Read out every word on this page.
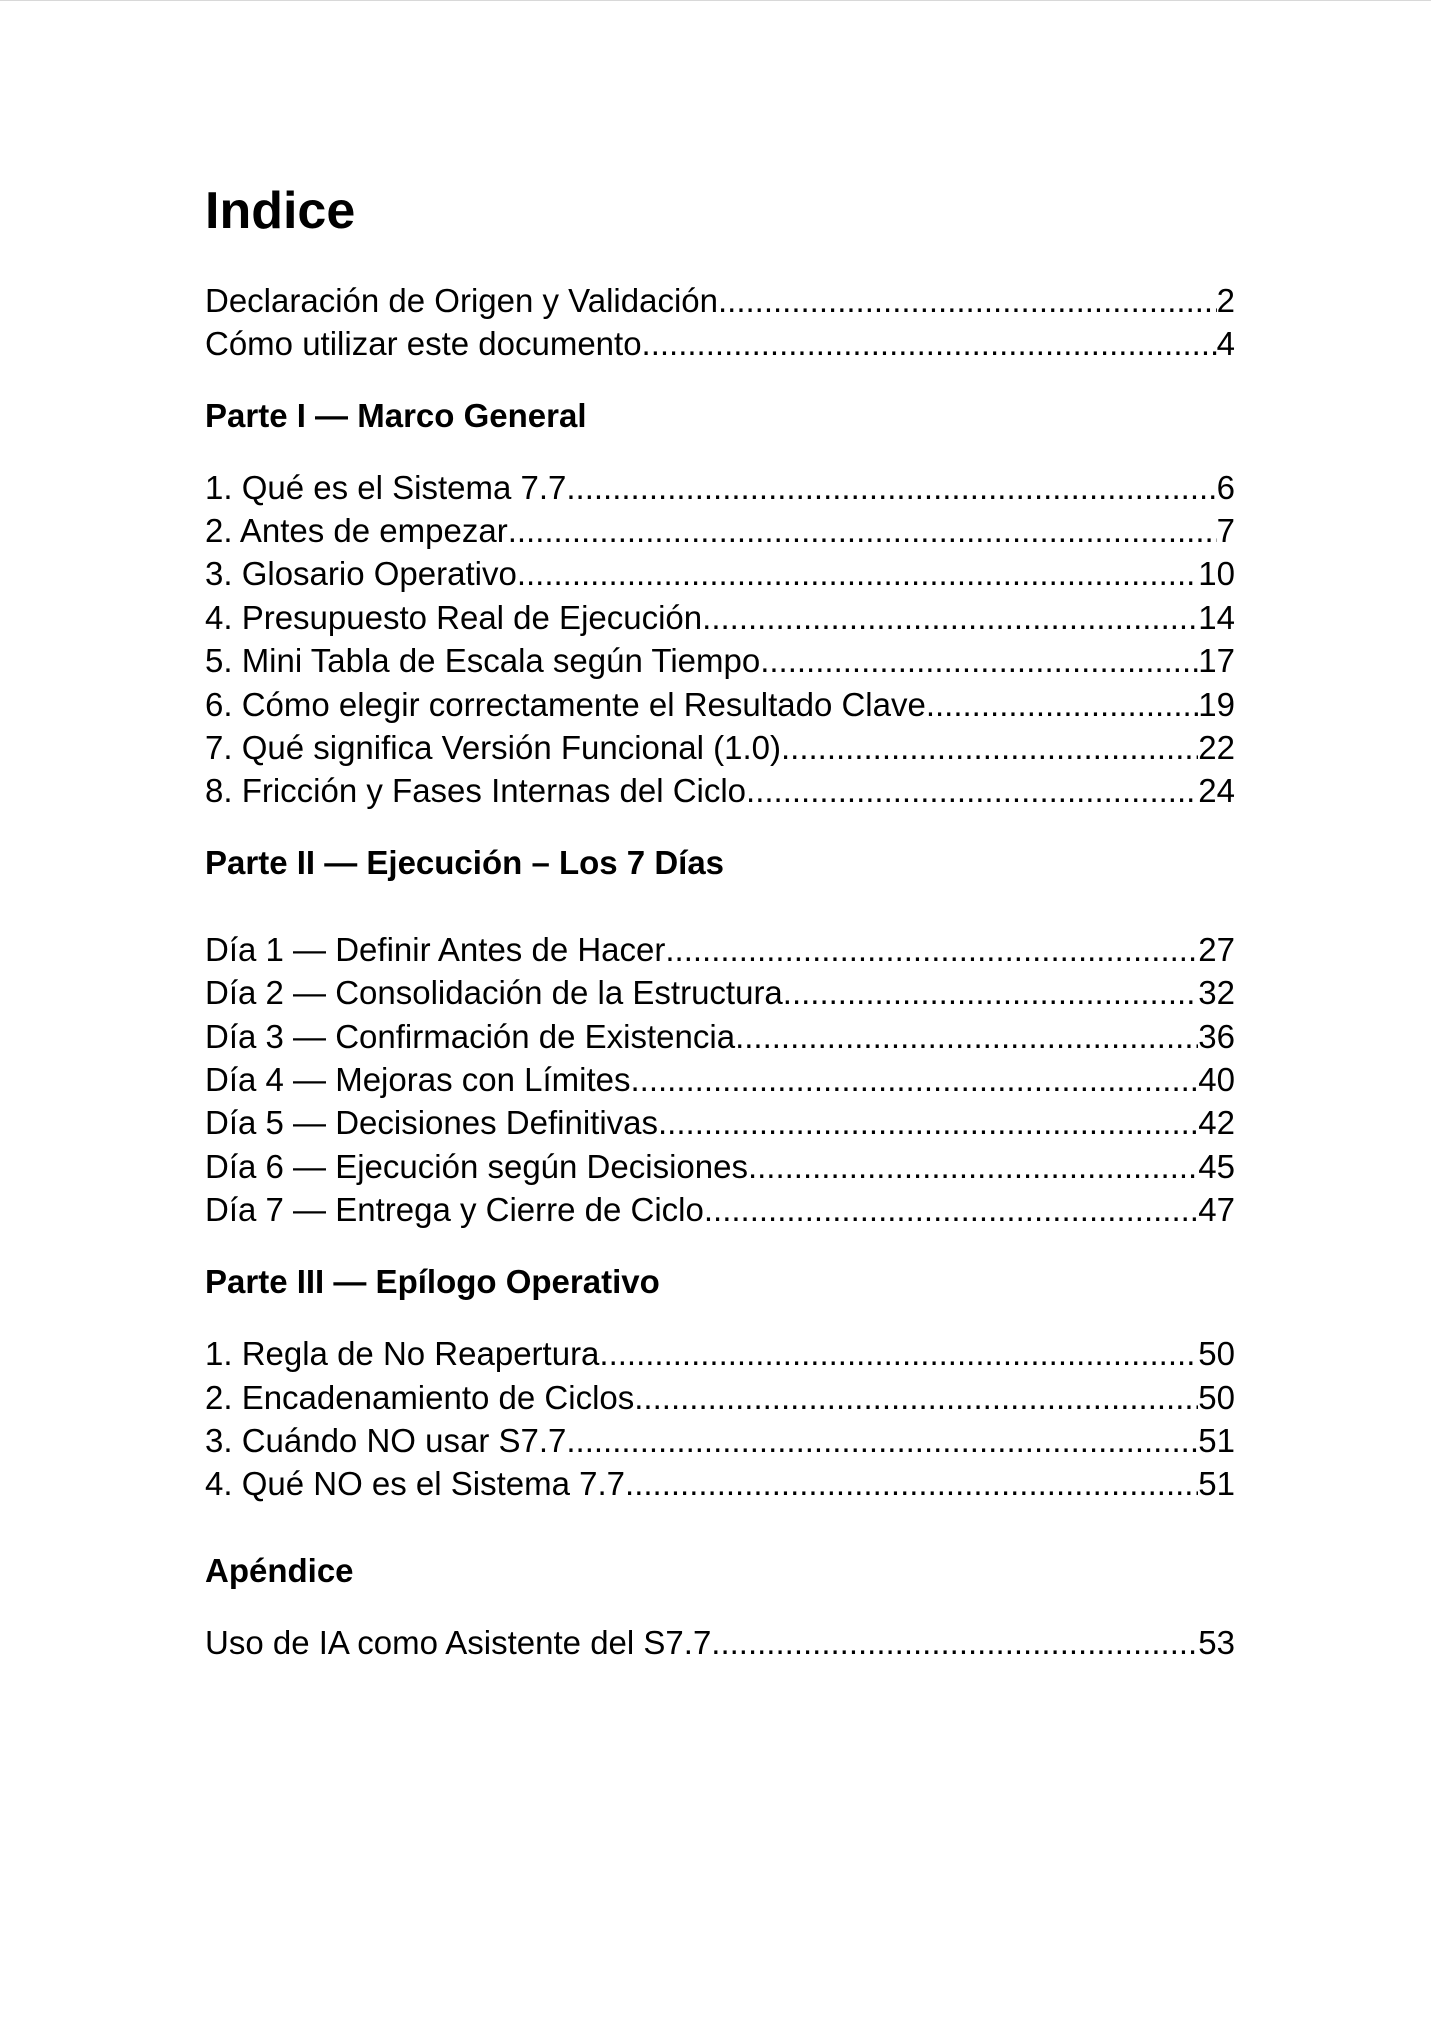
Indice
Declaración de Origen y Validación .....	2
Cómo utilizar este documento .....	4
Parte I — Marco General
1. Qué es el Sistema 7.7 .....	6
2. Antes de empezar .....	7
3. Glosario Operativo .....	10
4. Presupuesto Real de Ejecución .....	14
5. Mini Tabla de Escala según Tiempo .....	17
6. Cómo elegir correctamente el Resultado Clave .....	19
7. Qué significa Versión Funcional (1.0) .....	22
8. Fricción y Fases Internas del Ciclo .....	24
Parte II — Ejecución – Los 7 Días
Día 1 — Definir Antes de Hacer .....	27
Día 2 — Consolidación de la Estructura .....	32
Día 3 — Confirmación de Existencia .....	36
Día 4 — Mejoras con Límites .....	40
Día 5 — Decisiones Definitivas .....	42
Día 6 — Ejecución según Decisiones .....	45
Día 7 — Entrega y Cierre de Ciclo .....	47
Parte III — Epílogo Operativo
1. Regla de No Reapertura .....	50
2. Encadenamiento de Ciclos .....	50
3. Cuándo NO usar S7.7 .....	51
4. Qué NO es el Sistema 7.7 .....	51
Apéndice
Uso de IA como Asistente del S7.7 .....	53
